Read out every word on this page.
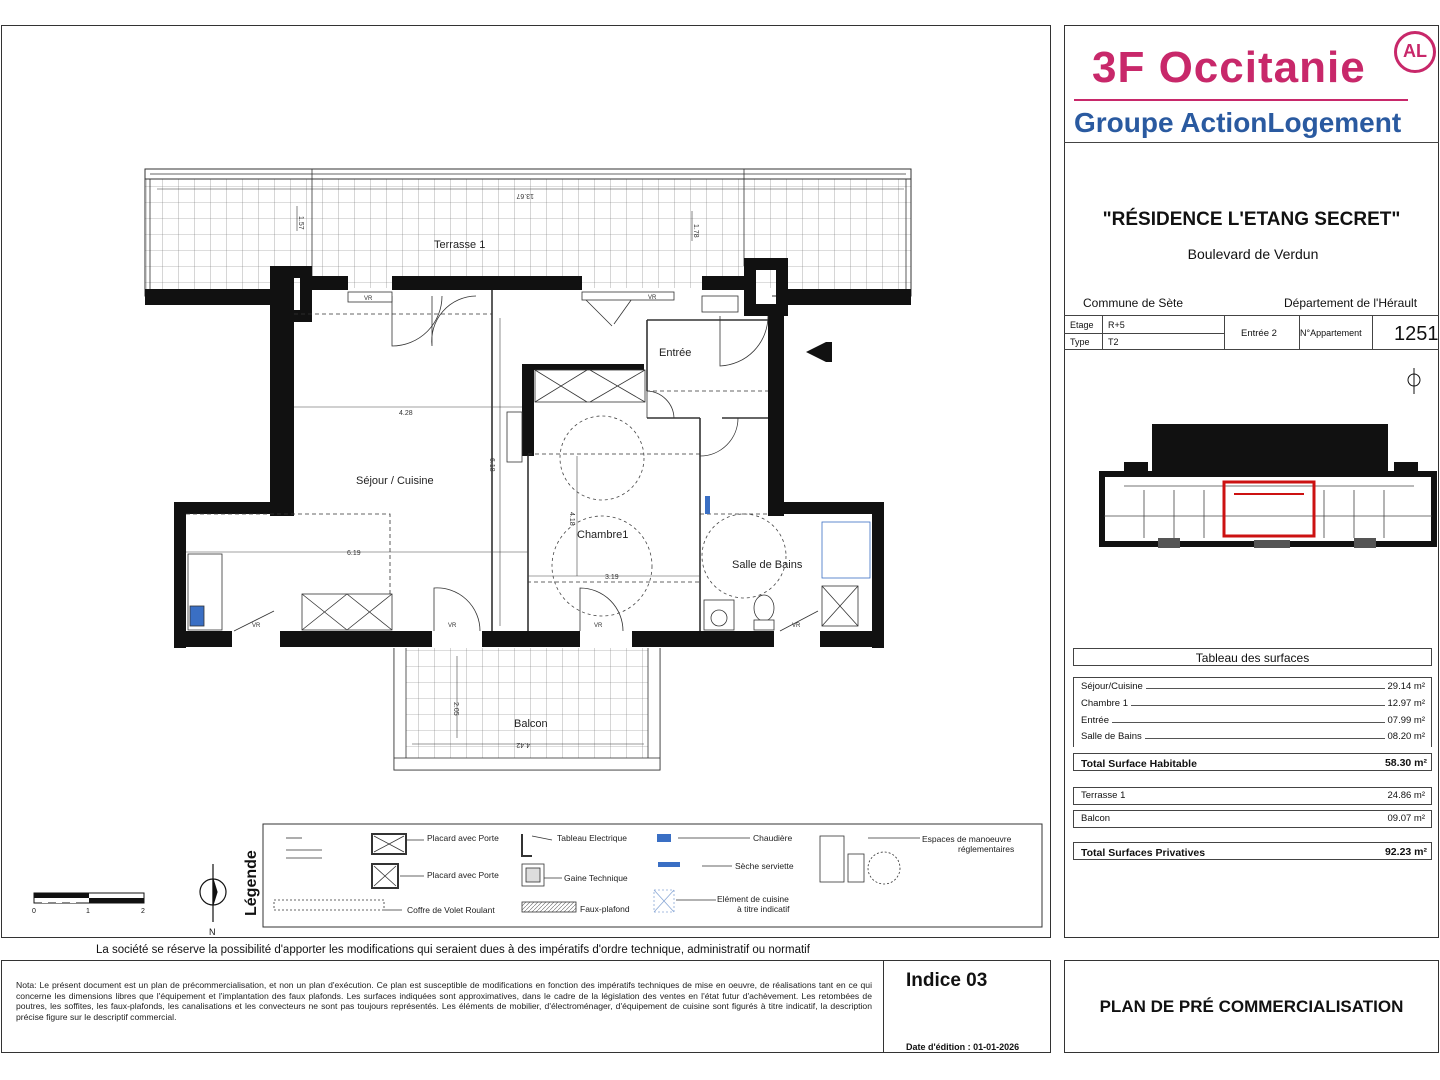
Terrasse 1
Séjour / Cuisine
Entrée
Chambre1
Salle de Bains
Balcon
13.67
1.57
1.78
4.28
6.19
6.18
4.18
3.19
2.05
4.42
VR	VR
VR	VR	VR	VR
Placard avec Porte
Placard avec Porte
Coffre de Volet Roulant
Tableau Electrique
Gaine Technique
Faux-plafond
Chaudière
Sèche serviette
Elément de cuisine
à titre indicatif
Espaces de manoeuvre
réglementaires
Légende
N
0	1	2
3F Occitanie AL
Groupe ActionLogement
"RÉSIDENCE L'ETANG SECRET"
Boulevard de Verdun
Commune de Sète	Département de l'Hérault
Etage R+5
Type T2
Entrée 2	N°Appartement 1251
Tableau des surfaces
Séjour/Cuisine	29.14 m²
Chambre 1	12.97 m²
Entrée	07.99 m²
Salle de Bains	08.20 m²
Total Surface Habitable	58.30 m²
Terrasse 1	24.86 m²
Balcon	09.07 m²
Total Surfaces Privatives	92.23 m²
La société se réserve la possibilité d'apporter les modifications qui seraient dues à des impératifs d'ordre technique, administratif ou normatif
Nota: Le présent document est un plan de précommercialisation, et non un plan d'exécution. Ce plan est susceptible de modifications en fonction des impératifs techniques de mise en oeuvre, de réalisations tant en ce qui concerne les dimensions libres que l'équipement et l'implantation des faux plafonds. Les surfaces indiquées sont approximatives, dans le cadre de la législation des ventes en l'état futur d'achèvement. Les retombées de poutres, les soffites, les faux-plafonds, les canalisations et les convecteurs ne sont pas toujours représentés. Les éléments de mobilier, d'électroménager, d'équipement de cuisine sont figurés à titre indicatif, la description précise figure sur le descriptif commercial.
Indice 03
Date d'édition : 01-01-2026
PLAN DE PRÉ COMMERCIALISATION
